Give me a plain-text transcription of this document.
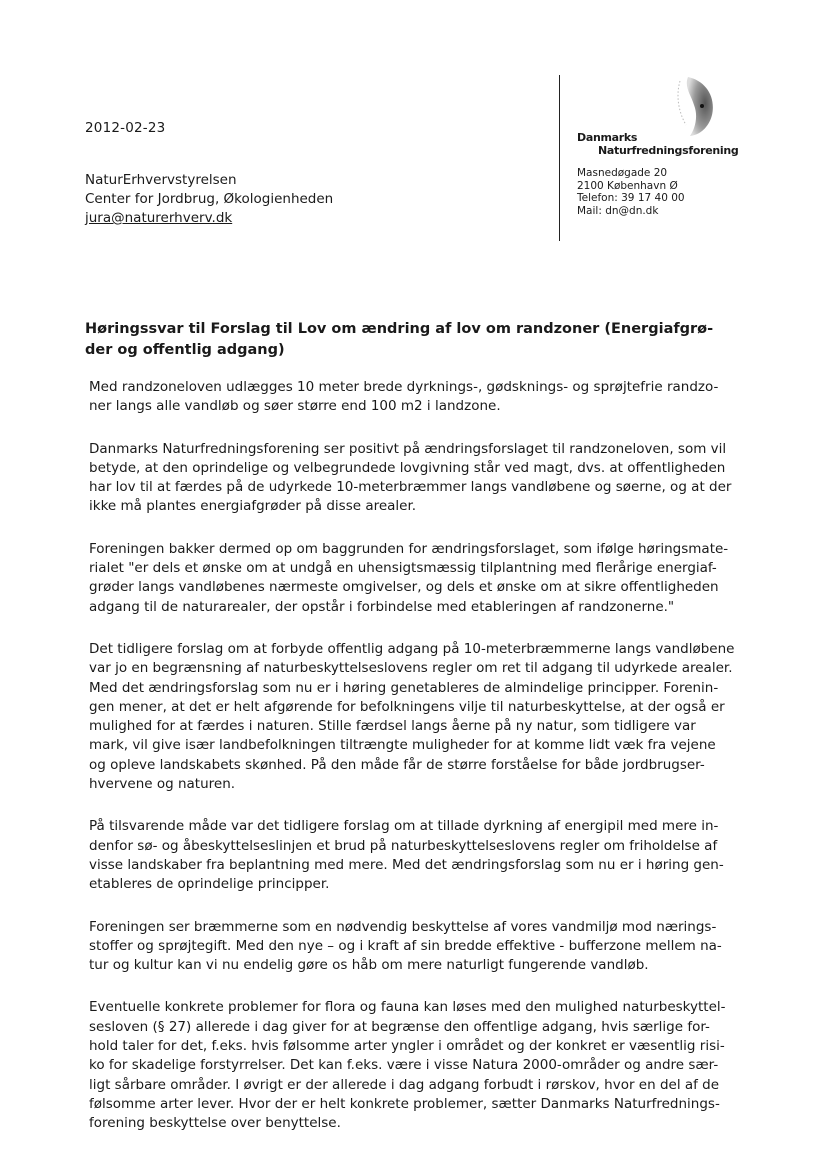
2012-02-23
NaturErhvervstyrelsen
Center for Jordbrug, Økologienheden
jura@naturerhverv.dk
Danmarks
Naturfredningsforening
Masnedøgade 20
2100 København Ø
Telefon: 39 17 40 00
Mail: dn@dn.dk
Høringssvar til Forslag til Lov om ændring af lov om randzoner (Energiafgrø-
der og offentlig adgang)

Med randzoneloven udlægges 10 meter brede dyrknings-, gødsknings- og sprøjtefrie randzo-
ner langs alle vandløb og søer større end 100 m2 i landzone.

Danmarks Naturfredningsforening ser positivt på ændringsforslaget til randzoneloven, som vil
betyde, at den oprindelige og velbegrundede lovgivning står ved magt, dvs. at offentligheden
har lov til at færdes på de udyrkede 10-meterbræmmer langs vandløbene og søerne, og at der
ikke må plantes energiafgrøder på disse arealer.

Foreningen bakker dermed op om baggrunden for ændringsforslaget, som ifølge høringsmate-
rialet "er dels et ønske om at undgå en uhensigtsmæssig tilplantning med flerårige energiaf-
grøder langs vandløbenes nærmeste omgivelser, og dels et ønske om at sikre offentligheden
adgang til de naturarealer, der opstår i forbindelse med etableringen af randzonerne."

Det tidligere forslag om at forbyde offentlig adgang på 10-meterbræmmerne langs vandløbene
var jo en begrænsning af naturbeskyttelseslovens regler om ret til adgang til udyrkede arealer.
Med det ændringsforslag som nu er i høring genetableres de almindelige principper. Forenin-
gen mener, at det er helt afgørende for befolkningens vilje til naturbeskyttelse, at der også er
mulighed for at færdes i naturen. Stille færdsel langs åerne på ny natur, som tidligere var
mark, vil give især landbefolkningen tiltrængte muligheder for at komme lidt væk fra vejene
og opleve landskabets skønhed. På den måde får de større forståelse for både jordbrugser-
hvervene og naturen.

På tilsvarende måde var det tidligere forslag om at tillade dyrkning af energipil med mere in-
denfor sø- og åbeskyttelseslinjen et brud på naturbeskyttelseslovens regler om friholdelse af
visse landskaber fra beplantning med mere. Med det ændringsforslag som nu er i høring gen-
etableres de oprindelige principper.

Foreningen ser bræmmerne som en nødvendig beskyttelse af vores vandmiljø mod nærings-
stoffer og sprøjtegift. Med den nye – og i kraft af sin bredde effektive - bufferzone mellem na-
tur og kultur kan vi nu endelig gøre os håb om mere naturligt fungerende vandløb.

Eventuelle konkrete problemer for flora og fauna kan løses med den mulighed naturbeskyttel-
sesloven (§ 27) allerede i dag giver for at begrænse den offentlige adgang, hvis særlige for-
hold taler for det, f.eks. hvis følsomme arter yngler i området og der konkret er væsentlig risi-
ko for skadelige forstyrrelser. Det kan f.eks. være i visse Natura 2000-områder og andre sær-
ligt sårbare områder. I øvrigt er der allerede i dag adgang forbudt i rørskov, hvor en del af de
følsomme arter lever. Hvor der er helt konkrete problemer, sætter Danmarks Naturfrednings-
forening beskyttelse over benyttelse.
